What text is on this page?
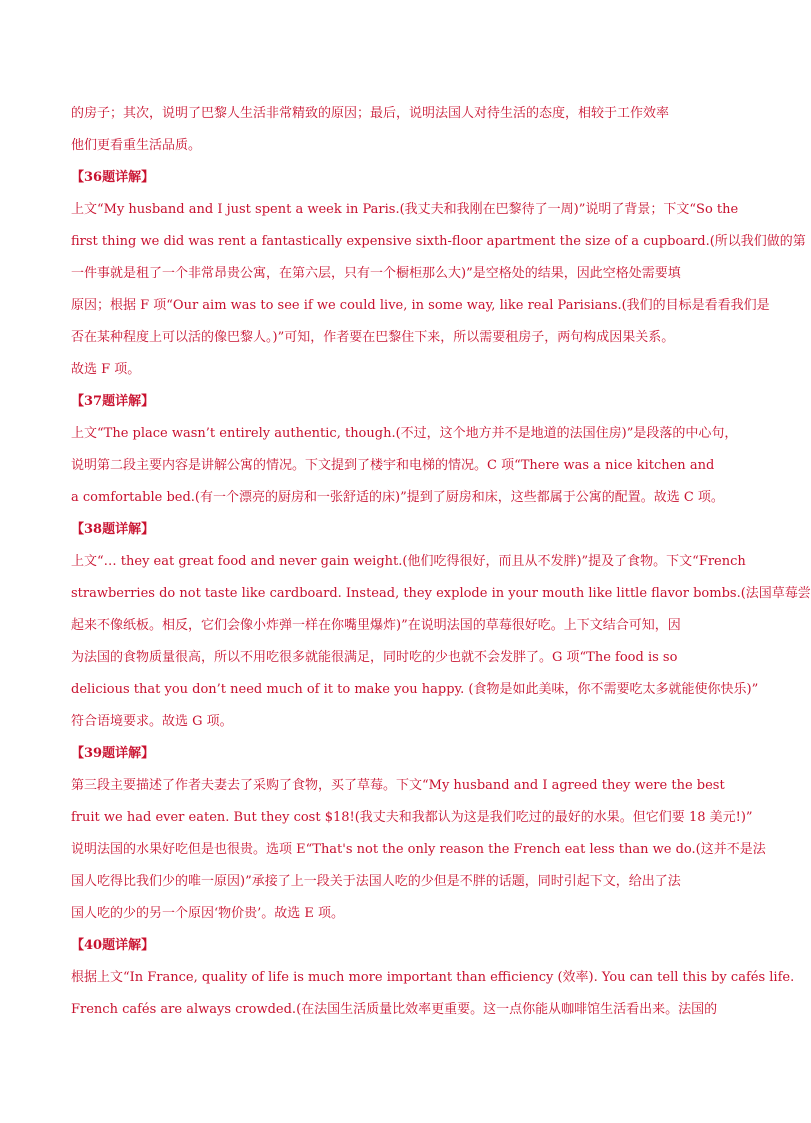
的房子；其次，说明了巴黎人生活非常精致的原因；最后，说明法国人对待生活的态度，相较于工作效率
他们更看重生活品质。
【36题详解】
上文“My husband and I just spent a week in Paris.(我丈夫和我刚在巴黎待了一周)”说明了背景；下文“So the
first thing we did was rent a fantastically expensive sixth-floor apartment the size of a cupboard.(所以我们做的第
一件事就是租了一个非常昂贵公寓，在第六层，只有一个橱柜那么大)”是空格处的结果，因此空格处需要填
原因；根据 F 项“Our aim was to see if we could live, in some way, like real Parisians.(我们的目标是看看我们是
否在某种程度上可以活的像巴黎人。)”可知，作者要在巴黎住下来，所以需要租房子，两句构成因果关系。
故选 F 项。
【37题详解】
上文“The place wasn’t entirely authentic, though.(不过，这个地方并不是地道的法国住房)”是段落的中心句，
说明第二段主要内容是讲解公寓的情况。下文提到了楼宇和电梯的情况。C 项“There was a nice kitchen and
a comfortable bed.(有一个漂亮的厨房和一张舒适的床)”提到了厨房和床，这些都属于公寓的配置。故选 C 项。
【38题详解】
上文“… they eat great food and never gain weight.(他们吃得很好，而且从不发胖)”提及了食物。下文“French
strawberries do not taste like cardboard. Instead, they explode in your mouth like little flavor bombs.(法国草莓尝
起来不像纸板。相反，它们会像小炸弹一样在你嘴里爆炸)”在说明法国的草莓很好吃。上下文结合可知，因
为法国的食物质量很高，所以不用吃很多就能很满足，同时吃的少也就不会发胖了。G 项“The food is so
delicious that you don’t need much of it to make you happy. (食物是如此美味，你不需要吃太多就能使你快乐)”
符合语境要求。故选 G 项。
【39题详解】
第三段主要描述了作者夫妻去了采购了食物，买了草莓。下文“My husband and I agreed they were the best
fruit we had ever eaten. But they cost $18!(我丈夫和我都认为这是我们吃过的最好的水果。但它们要 18 美元!)”
说明法国的水果好吃但是也很贵。选项 E“That's not the only reason the French eat less than we do.(这并不是法
国人吃得比我们少的唯一原因)”承接了上一段关于法国人吃的少但是不胖的话题，同时引起下文，给出了法
国人吃的少的另一个原因‘物价贵’。故选 E 项。
【40题详解】
根据上文“In France, quality of life is much more important than efficiency (效率). You can tell this by cafés life.
French cafés are always crowded.(在法国生活质量比效率更重要。这一点你能从咖啡馆生活看出来。法国的
